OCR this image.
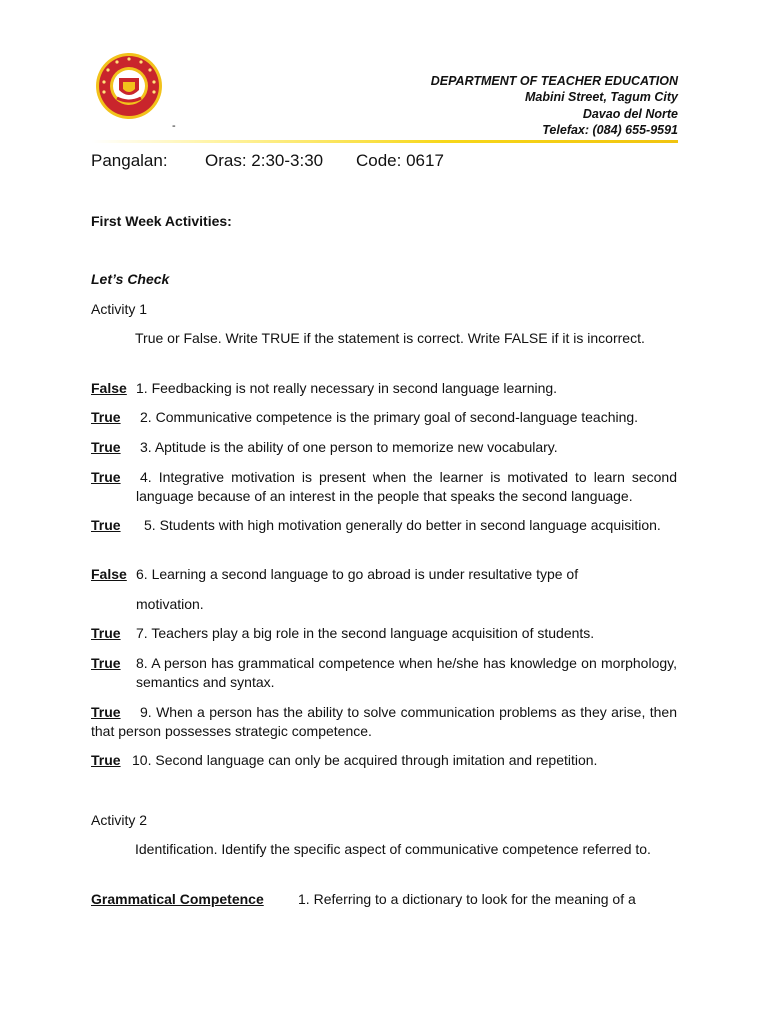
DEPARTMENT OF TEACHER EDUCATION
Mabini Street, Tagum City
Davao del Norte
Telefax: (084) 655-9591
-

Pangalan:

Oras: 2:30-3:30

Code: 0617

First Week Activities:
Let’s Check
Activity 1
True or False. Write TRUE if the statement is correct. Write FALSE if it is incorrect.
False 1. Feedbacking is not really necessary in second language learning.
True 2. Communicative competence is the primary goal of second-language teaching.
True 3. Aptitude is the ability of one person to memorize new vocabulary.
True 4. Integrative motivation is present when the learner is motivated to learn second language because of an interest in the people that speaks the second language.
True	5. Students with high motivation generally do better in second language acquisition.
False 6. Learning a second language to go abroad is under resultative type of
motivation.
True 7. Teachers play a big role in the second language acquisition of students.
True 8. A person has grammatical competence when he/she has knowledge on morphology, semantics and syntax.
True 9. When a person has the ability to solve communication problems as they arise, then that person possesses strategic competence.
True 10. Second language can only be acquired through imitation and repetition.
Activity 2
Identification. Identify the specific aspect of communicative competence referred to.
Grammatical Competence 1. Referring to a dictionary to look for the meaning of a
